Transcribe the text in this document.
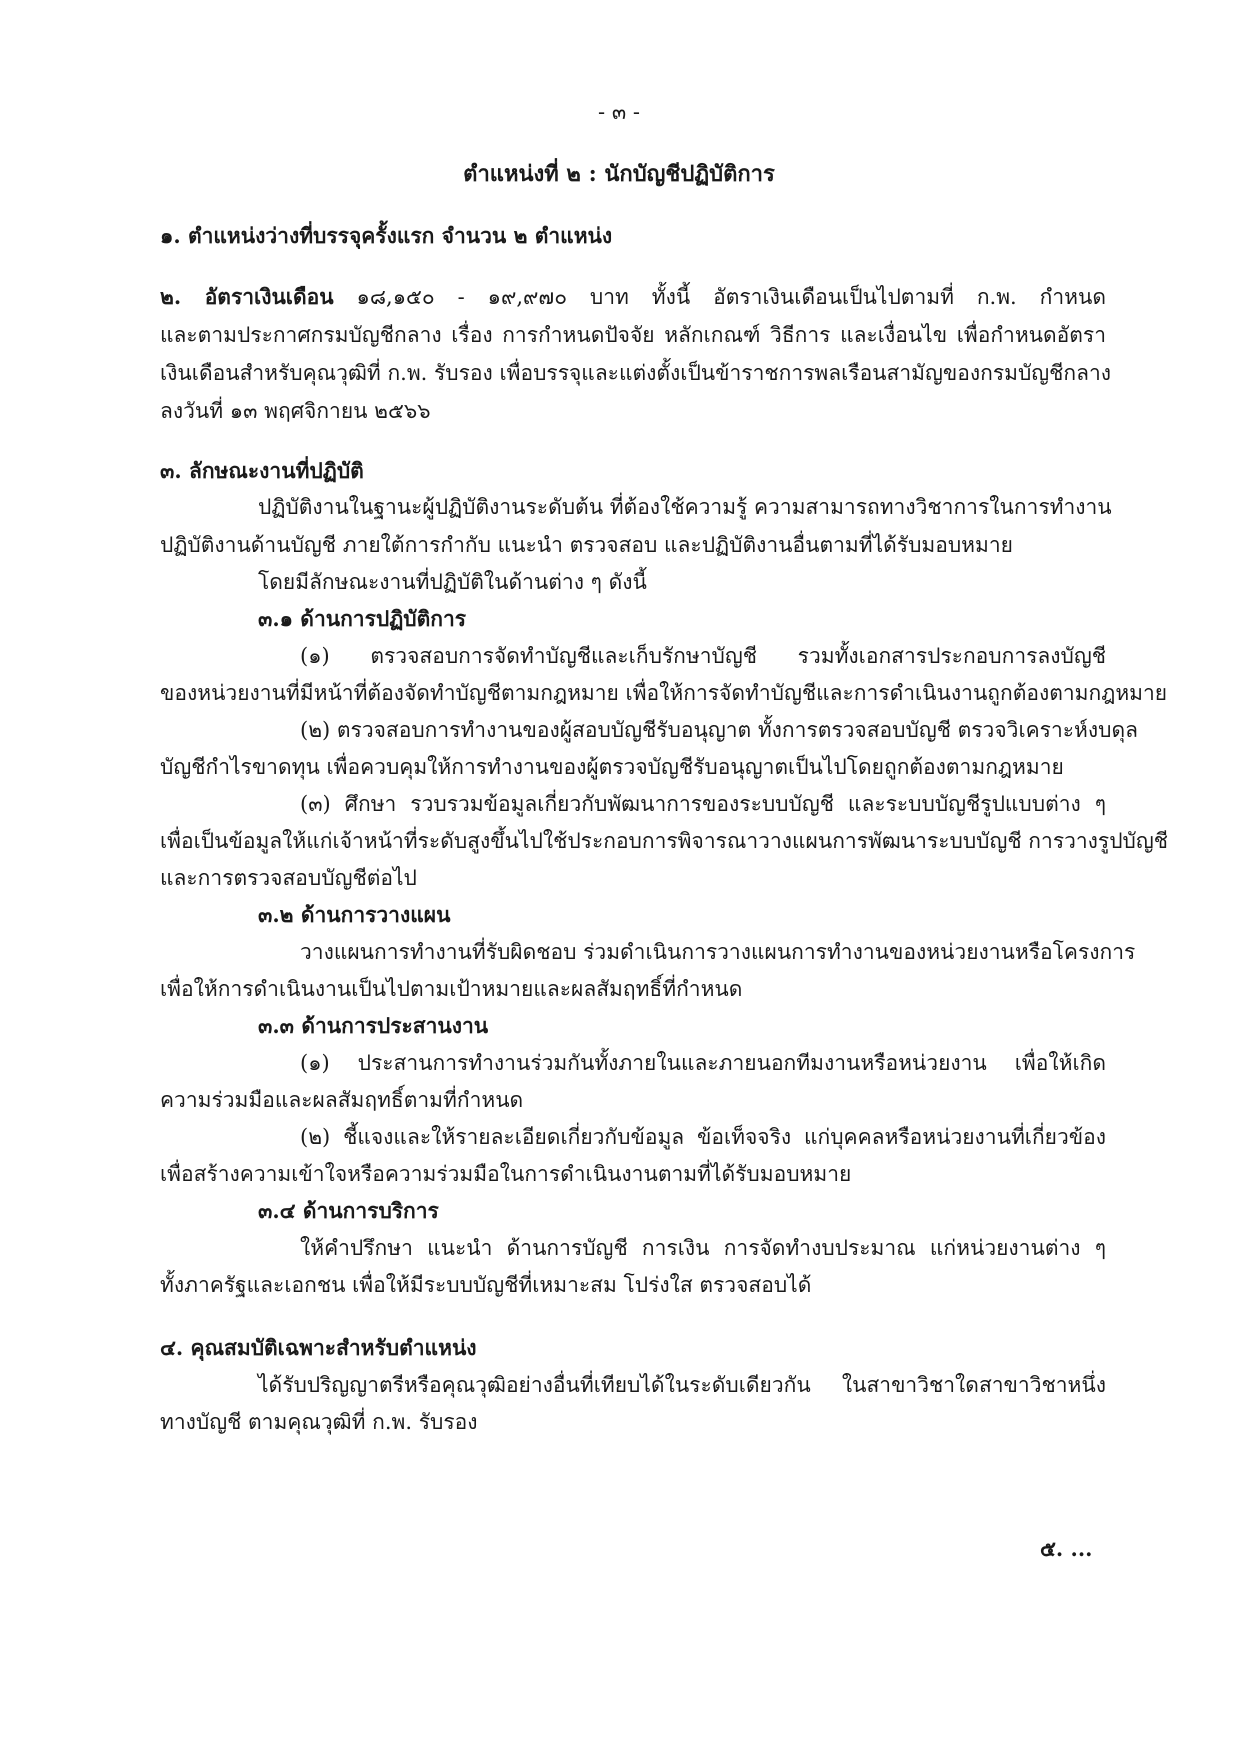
- ๓ -
ตำแหน่งที่ ๒ : นักบัญชีปฏิบัติการ
๑. ตำแหน่งว่างที่บรรจุครั้งแรก จำนวน ๒ ตำแหน่ง
๒. อัตราเงินเดือน ๑๘,๑๕๐ - ๑๙,๙๗๐ บาท ทั้งนี้ อัตราเงินเดือนเป็นไปตามที่ ก.พ. กำหนด
และตามประกาศกรมบัญชีกลาง เรื่อง การกำหนดปัจจัย หลักเกณฑ์ วิธีการ และเงื่อนไข เพื่อกำหนดอัตรา
เงินเดือนสำหรับคุณวุฒิที่ ก.พ. รับรอง เพื่อบรรจุและแต่งตั้งเป็นข้าราชการพลเรือนสามัญของกรมบัญชีกลาง
ลงวันที่ ๑๓ พฤศจิกายน ๒๕๖๖
๓. ลักษณะงานที่ปฏิบัติ
ปฏิบัติงานในฐานะผู้ปฏิบัติงานระดับต้น ที่ต้องใช้ความรู้ ความสามารถทางวิชาการในการทำงาน
ปฏิบัติงานด้านบัญชี ภายใต้การกำกับ แนะนำ ตรวจสอบ และปฏิบัติงานอื่นตามที่ได้รับมอบหมาย
โดยมีลักษณะงานที่ปฏิบัติในด้านต่าง ๆ ดังนี้
๓.๑ ด้านการปฏิบัติการ
(๑) ตรวจสอบการจัดทำบัญชีและเก็บรักษาบัญชี รวมทั้งเอกสารประกอบการลงบัญชี
ของหน่วยงานที่มีหน้าที่ต้องจัดทำบัญชีตามกฎหมาย เพื่อให้การจัดทำบัญชีและการดำเนินงานถูกต้องตามกฎหมาย
(๒) ตรวจสอบการทำงานของผู้สอบบัญชีรับอนุญาต ทั้งการตรวจสอบบัญชี ตรวจวิเคราะห์งบดุล
บัญชีกำไรขาดทุน เพื่อควบคุมให้การทำงานของผู้ตรวจบัญชีรับอนุญาตเป็นไปโดยถูกต้องตามกฎหมาย
(๓) ศึกษา รวบรวมข้อมูลเกี่ยวกับพัฒนาการของระบบบัญชี และระบบบัญชีรูปแบบต่าง ๆ
เพื่อเป็นข้อมูลให้แก่เจ้าหน้าที่ระดับสูงขึ้นไปใช้ประกอบการพิจารณาวางแผนการพัฒนาระบบบัญชี การวางรูปบัญชี
และการตรวจสอบบัญชีต่อไป
๓.๒ ด้านการวางแผน
วางแผนการทำงานที่รับผิดชอบ ร่วมดำเนินการวางแผนการทำงานของหน่วยงานหรือโครงการ
เพื่อให้การดำเนินงานเป็นไปตามเป้าหมายและผลสัมฤทธิ์ที่กำหนด
๓.๓ ด้านการประสานงาน
(๑) ประสานการทำงานร่วมกันทั้งภายในและภายนอกทีมงานหรือหน่วยงาน เพื่อให้เกิด
ความร่วมมือและผลสัมฤทธิ์ตามที่กำหนด
(๒) ชี้แจงและให้รายละเอียดเกี่ยวกับข้อมูล ข้อเท็จจริง แก่บุคคลหรือหน่วยงานที่เกี่ยวข้อง
เพื่อสร้างความเข้าใจหรือความร่วมมือในการดำเนินงานตามที่ได้รับมอบหมาย
๓.๔ ด้านการบริการ
ให้คำปรึกษา แนะนำ ด้านการบัญชี การเงิน การจัดทำงบประมาณ แก่หน่วยงานต่าง ๆ
ทั้งภาครัฐและเอกชน เพื่อให้มีระบบบัญชีที่เหมาะสม โปร่งใส ตรวจสอบได้
๔. คุณสมบัติเฉพาะสำหรับตำแหน่ง
ได้รับปริญญาตรีหรือคุณวุฒิอย่างอื่นที่เทียบได้ในระดับเดียวกัน ในสาขาวิชาใดสาขาวิชาหนึ่ง
ทางบัญชี ตามคุณวุฒิที่ ก.พ. รับรอง
๕. ...
